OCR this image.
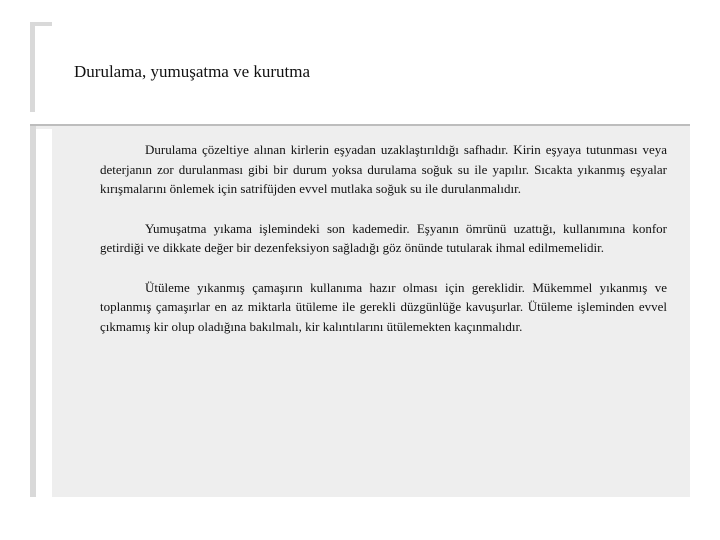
Durulama, yumuşatma ve kurutma

Durulama çözeltiye alınan kirlerin eşyadan uzaklaştırıldığı safhadır. Kirin eşyaya tutunması veya deterjanın zor durulanması gibi bir durum yoksa durulama soğuk su ile yapılır. Sıcakta yıkanmış eşyalar kırışmalarını önlemek için satrifüjden evvel mutlaka soğuk su ile durulanmalıdır.

Yumuşatma yıkama işlemindeki son kademedir. Eşyanın ömrünü uzattığı, kullanımına konfor getirdiği ve dikkate değer bir dezenfeksiyon sağladığı göz önünde tutularak ihmal edilmemelidir.

Ütüleme yıkanmış çamaşırın kullanıma hazır olması için gereklidir. Mükemmel yıkanmış ve toplanmış çamaşırlar en az miktarla ütüleme ile gerekli düzgünlüğe kavuşurlar. Ütüleme işleminden evvel çıkmamış kir olup oladığına bakılmalı, kir kalıntılarını ütülemekten kaçınmalıdır.
